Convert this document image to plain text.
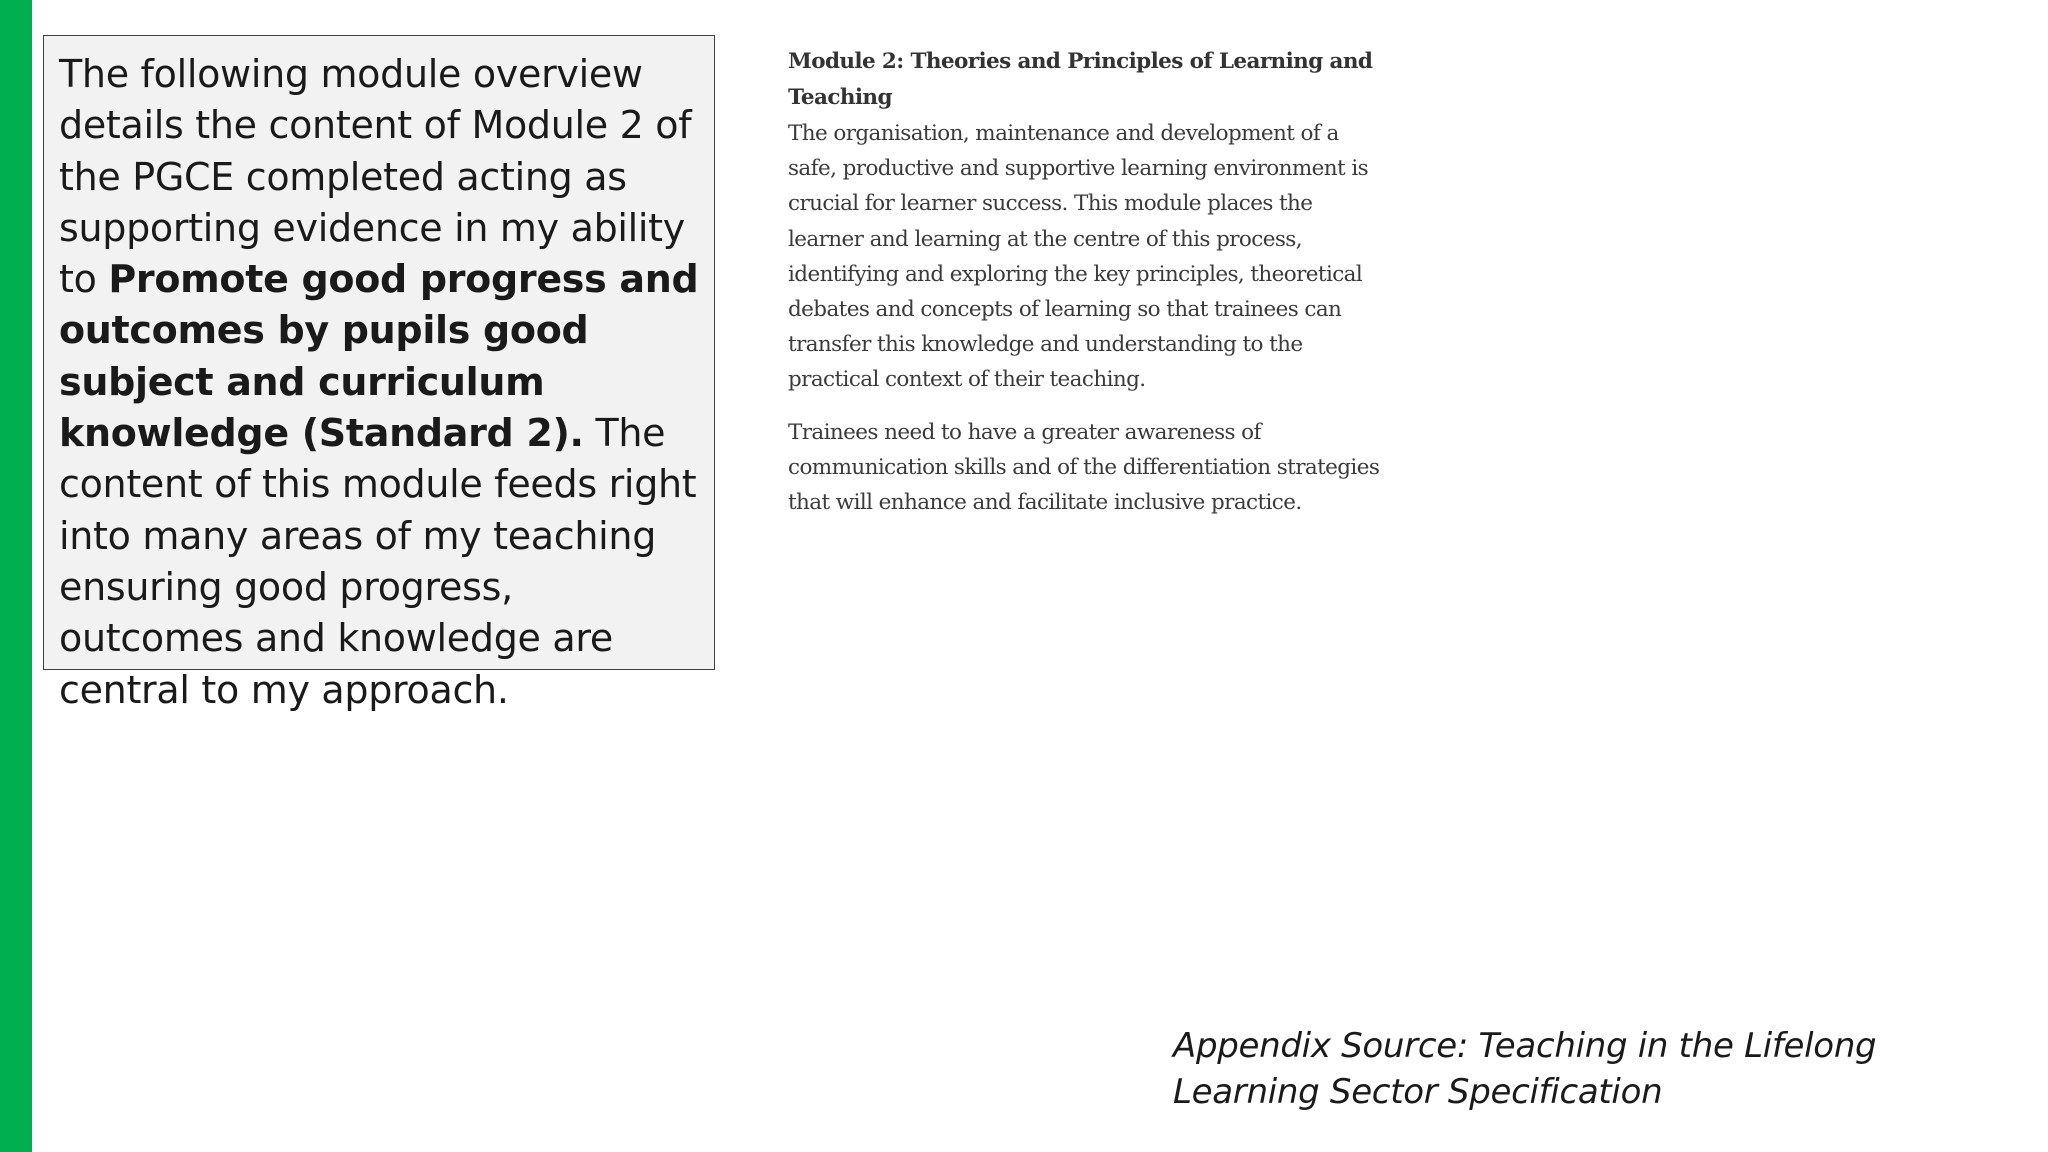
The following module overview details the content of Module 2 of the PGCE completed acting as supporting evidence in my ability to Promote good progress and outcomes by pupils good subject and curriculum knowledge (Standard 2). The content of this module feeds right into many areas of my teaching ensuring good progress, outcomes and knowledge are central to my approach.

Module 2: Theories and Principles of Learning and Teaching

The organisation, maintenance and development of a safe, productive and supportive learning environment is crucial for learner success. This module places the learner and learning at the centre of this process, identifying and exploring the key principles, theoretical debates and concepts of learning so that trainees can transfer this knowledge and understanding to the practical context of their teaching.

Trainees need to have a greater awareness of communication skills and of the differentiation strategies that will enhance and facilitate inclusive practice.

Appendix Source: Teaching in the Lifelong Learning Sector Specification
